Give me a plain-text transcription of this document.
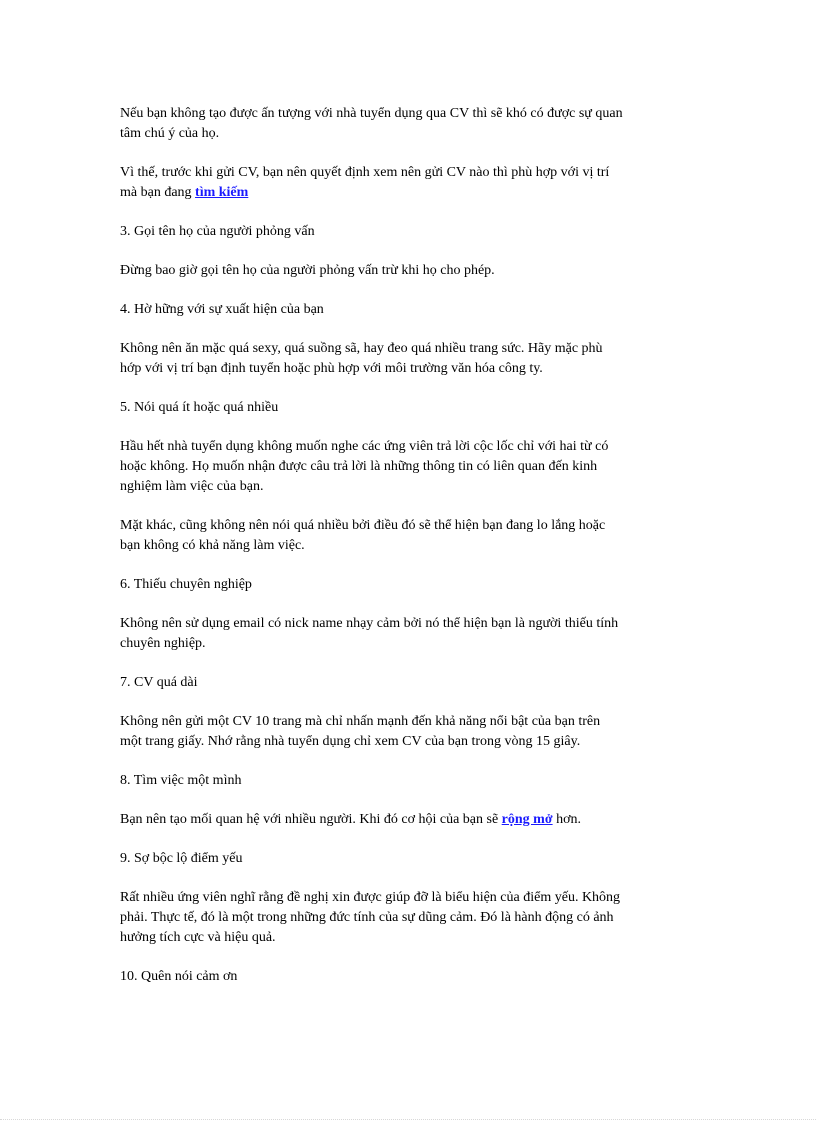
Nếu bạn không tạo được ấn tượng với nhà tuyển dụng qua CV thì sẽ khó có được sự quan
tâm chú ý của họ.

Vì thế, trước khi gửi CV, bạn nên quyết định xem nên gửi CV nào thì phù hợp với vị trí
mà bạn đang tìm kiếm

3. Gọi tên họ của người phỏng vấn

Đừng bao giờ gọi tên họ của người phỏng vấn trừ khi họ cho phép.

4. Hờ hững với sự xuất hiện của bạn

Không nên ăn mặc quá sexy, quá suồng sã, hay đeo quá nhiều trang sức. Hãy mặc phù
hớp với vị trí bạn định tuyển hoặc phù hợp với môi trường văn hóa công ty.

5. Nói quá ít hoặc quá nhiều

Hầu hết nhà tuyển dụng không muốn nghe các ứng viên trả lời cộc lốc chỉ với hai từ có
hoặc không. Họ muốn nhận được câu trả lời là những thông tin có liên quan đến kinh
nghiệm làm việc của bạn.

Mặt khác, cũng không nên nói quá nhiều bởi điều đó sẽ thể hiện bạn đang lo lắng hoặc
bạn không có khả năng làm việc.

6. Thiếu chuyên nghiệp

Không nên sử dụng email có nick name nhạy cảm bởi nó thể hiện bạn là người thiếu tính
chuyên nghiệp.

7. CV quá dài

Không nên gửi một CV 10 trang mà chỉ nhấn mạnh đến khả năng nổi bật của bạn trên
một trang giấy. Nhớ rằng nhà tuyển dụng chỉ xem CV của bạn trong vòng 15 giây.

8. Tìm việc một mình

Bạn nên tạo mối quan hệ với nhiều người. Khi đó cơ hội của bạn sẽ rộng mở hơn.

9. Sợ bộc lộ điểm yếu

Rất nhiều ứng viên nghĩ rằng đề nghị xin được giúp đỡ là biểu hiện của điểm yếu. Không
phải. Thực tế, đó là một trong những đức tính của sự dũng cảm. Đó là hành động có ảnh
hưởng tích cực và hiệu quả.

10. Quên nói cảm ơn
